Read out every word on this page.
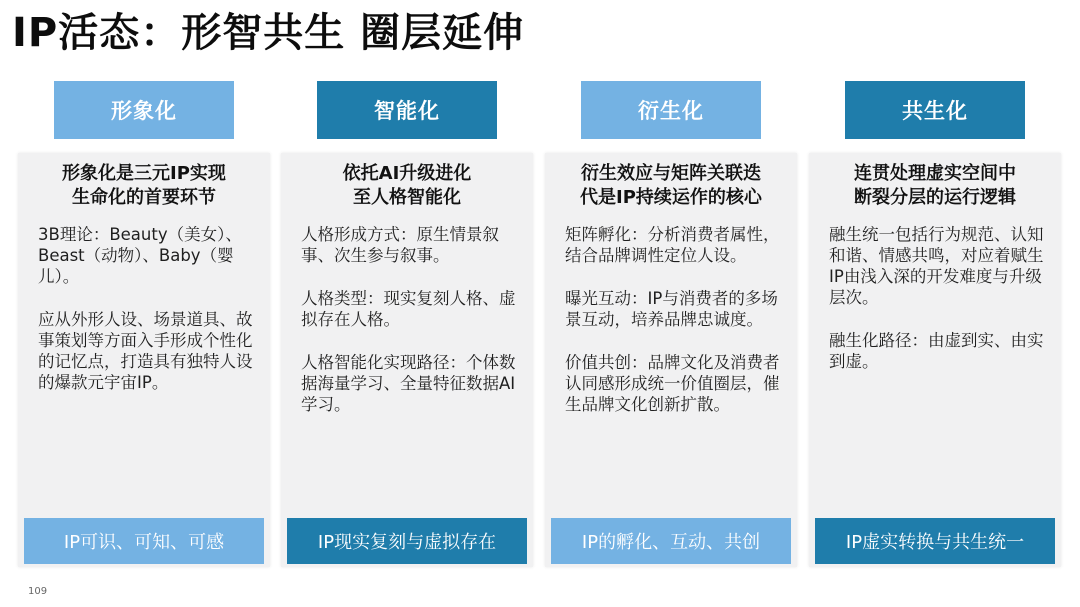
IP活态：形智共生 圈层延伸
形象化
形象化是三元IP实现
生命化的首要环节

3B理论：Beauty（美女）、Beast（动物）、Baby（婴儿）。

应从外形人设、场景道具、故事策划等方面入手形成个性化的记忆点，打造具有独特人设的爆款元宇宙IP。

IP可识、可知、可感
智能化
依托AI升级进化
至人格智能化

人格形成方式：原生情景叙事、次生参与叙事。

人格类型：现实复刻人格、虚拟存在人格。

人格智能化实现路径：个体数据海量学习、全量特征数据AI学习。

IP现实复刻与虚拟存在
衍生化
衍生效应与矩阵关联迭
代是IP持续运作的核心

矩阵孵化：分析消费者属性，结合品牌调性定位人设。

曝光互动：IP与消费者的多场景互动，培养品牌忠诚度。

价值共创：品牌文化及消费者认同感形成统一价值圈层，催生品牌文化创新扩散。

IP的孵化、互动、共创
共生化
连贯处理虚实空间中
断裂分层的运行逻辑

融生统一包括行为规范、认知和谐、情感共鸣，对应着赋生IP由浅入深的开发难度与升级层次。

融生化路径：由虚到实、由实到虚。

IP虚实转换与共生统一
109
